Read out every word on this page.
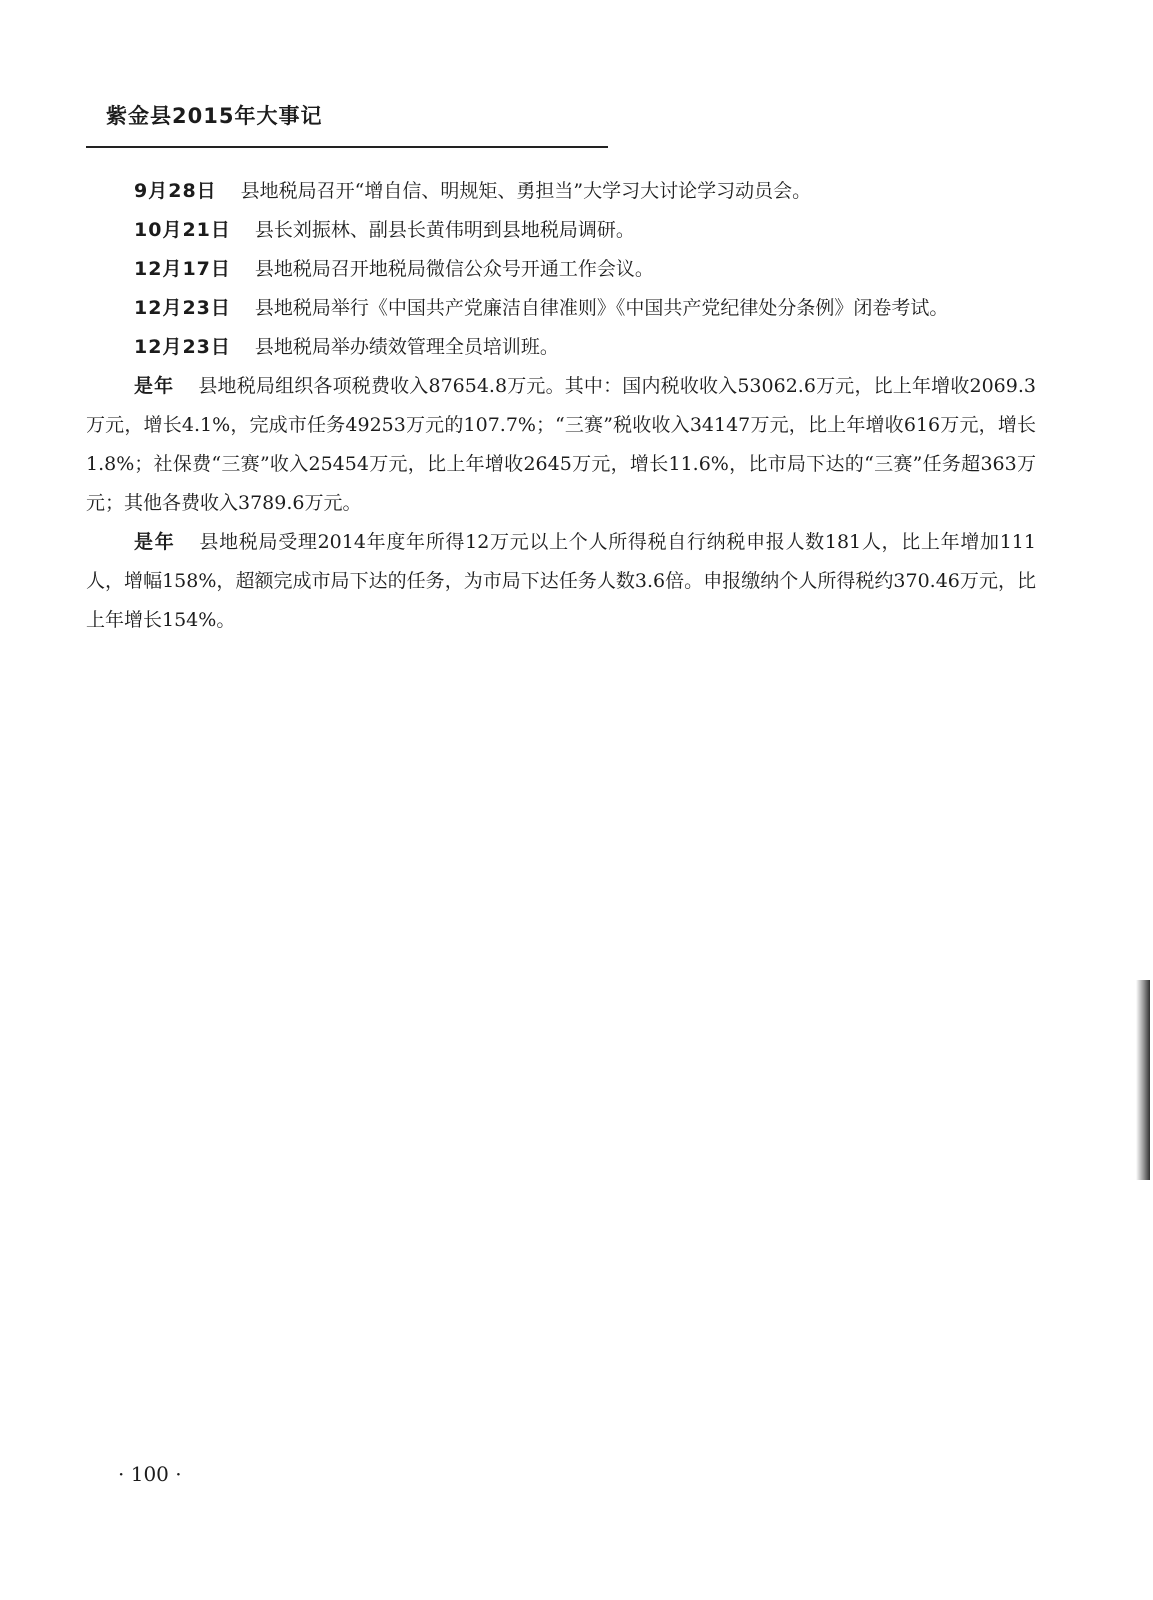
紫金县2015年大事记

9月28日 县地税局召开“增自信、明规矩、勇担当”大学习大讨论学习动员会。

10月21日 县长刘振林、副县长黄伟明到县地税局调研。

12月17日 县地税局召开地税局微信公众号开通工作会议。

12月23日 县地税局举行《中国共产党廉洁自律准则》《中国共产党纪律处分条例》闭卷考试。

12月23日 县地税局举办绩效管理全员培训班。

是年 县地税局组织各项税费收入87654.8万元。其中：国内税收收入53062.6万元，比上年增收2069.3万元，增长4.1%，完成市任务49253万元的107.7%；“三赛”税收收入34147万元，比上年增收616万元，增长1.8%；社保费“三赛”收入25454万元，比上年增收2645万元，增长11.6%，比市局下达的“三赛”任务超363万元；其他各费收入3789.6万元。

是年 县地税局受理2014年度年所得12万元以上个人所得税自行纳税申报人数181人，比上年增加111人，增幅158%，超额完成市局下达的任务，为市局下达任务人数3.6倍。申报缴纳个人所得税约370.46万元，比上年增长154%。

· 100 ·
